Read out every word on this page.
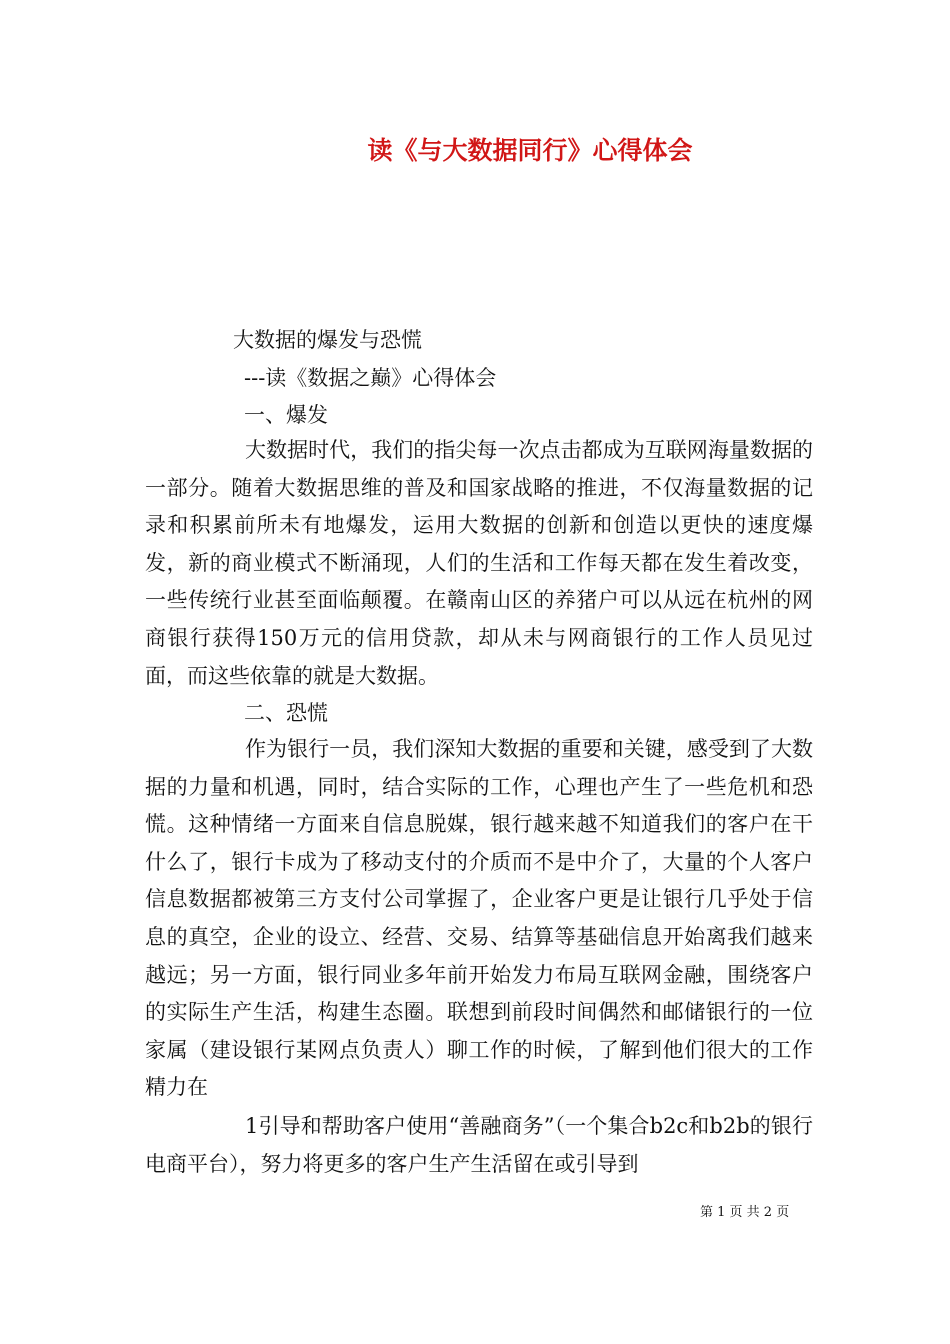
读《与大数据同行》心得体会
大数据的爆发与恐慌
---读《数据之巅》心得体会
一、爆发
大数据时代，我们的指尖每一次点击都成为互联网海量数据的一部分。随着大数据思维的普及和国家战略的推进，不仅海量数据的记录和积累前所未有地爆发，运用大数据的创新和创造以更快的速度爆发，新的商业模式不断涌现，人们的生活和工作每天都在发生着改变，一些传统行业甚至面临颠覆。在赣南山区的养猪户可以从远在杭州的网商银行获得150万元的信用贷款，却从未与网商银行的工作人员见过面，而这些依靠的就是大数据。
二、恐慌
作为银行一员，我们深知大数据的重要和关键，感受到了大数据的力量和机遇，同时，结合实际的工作，心理也产生了一些危机和恐慌。这种情绪一方面来自信息脱媒，银行越来越不知道我们的客户在干什么了，银行卡成为了移动支付的介质而不是中介了，大量的个人客户信息数据都被第三方支付公司掌握了，企业客户更是让银行几乎处于信息的真空，企业的设立、经营、交易、结算等基础信息开始离我们越来越远；另一方面，银行同业多年前开始发力布局互联网金融，围绕客户的实际生产生活，构建生态圈。联想到前段时间偶然和邮储银行的一位家属（建设银行某网点负责人）聊工作的时候，了解到他们很大的工作精力在
1引导和帮助客户使用“善融商务”（一个集合b2c和b2b的银行电商平台），努力将更多的客户生产生活留在或引导到
第 1 页 共 2 页
